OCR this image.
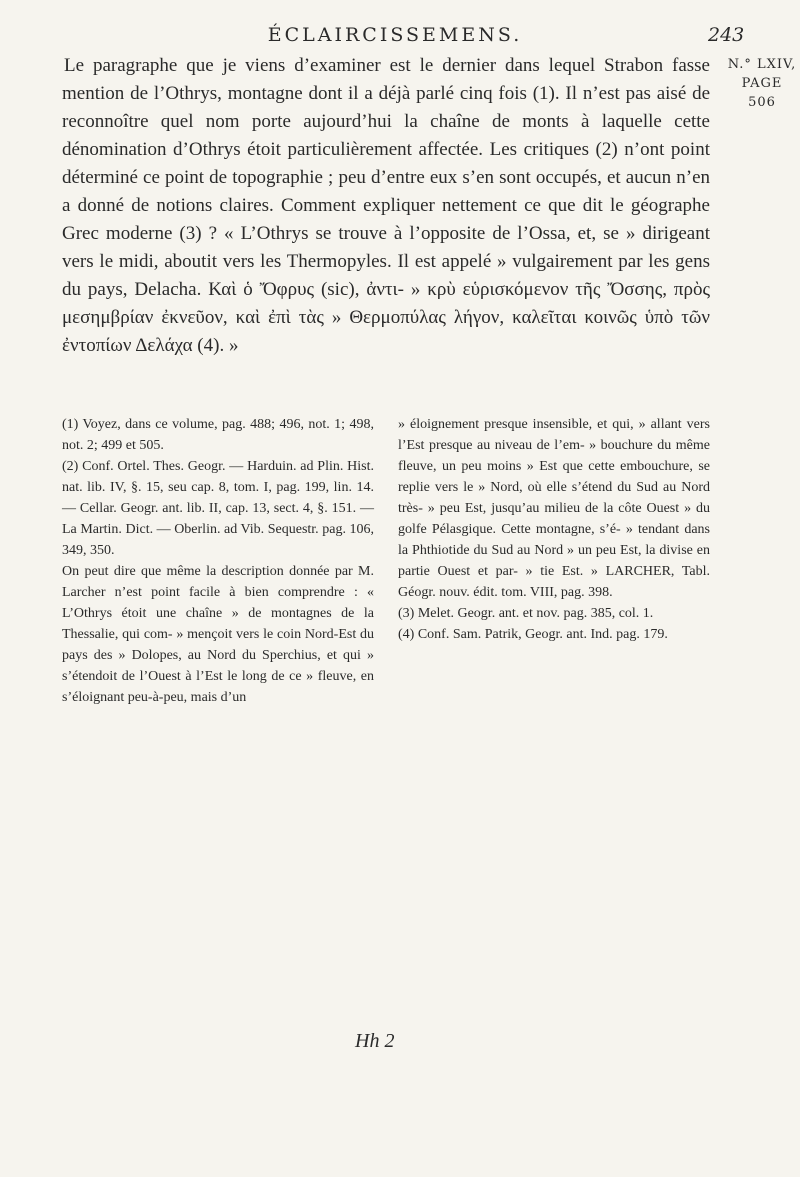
ÉCLAIRCISSEMENS.	243
N.° LXIV,
PAGE 506

Le paragraphe que je viens d’examiner est le dernier dans lequel Strabon fasse mention de l’Othrys, montagne dont il a déjà parlé cinq fois (1). Il n’est pas aisé de reconnoître quel nom porte aujourd’hui la chaîne de monts à laquelle cette dénomination d’Othrys étoit particulièrement affectée. Les critiques (2) n’ont point déterminé ce point de topographie ; peu d’entre eux s’en sont occupés, et aucun n’en a donné de notions claires. Comment expliquer nettement ce que dit le géographe Grec moderne (3) ? « L’Othrys se trouve à l’opposite de l’Ossa, et, se » dirigeant vers le midi, aboutit vers les Thermopyles. Il est appelé » vulgairement par les gens du pays, Delacha. Καὶ ὁ Ὄφρυς (sic), ἀντι- » κρὺ εὑρισκόμενον τῆς Ὄσσης, πρὸς μεσημβρίαν ἐκνεῦον, καὶ ἐπὶ τὰς » Θερμοπύλας λήγον, καλεῖται κοινῶς ὑπὸ τῶν ἐντοπίων Δελάχα (4). »

(1) Voyez, dans ce volume, pag. 488; 496, not. 1; 498, not. 2; 499 et 505.

(2) Conf. Ortel. Thes. Geogr. — Harduin. ad Plin. Hist. nat. lib. IV, §. 15, seu cap. 8, tom. I, pag. 199, lin. 14. — Cellar. Geogr. ant. lib. II, cap. 13, sect. 4, §. 151. — La Martin. Dict. — Oberlin. ad Vib. Sequestr. pag. 106, 349, 350.

On peut dire que même la description donnée par M. Larcher n’est point facile à bien comprendre : « L’Othrys étoit une chaîne » de montagnes de la Thessalie, qui com- » mençoit vers le coin Nord-Est du pays des » Dolopes, au Nord du Sperchius, et qui » s’étendoit de l’Ouest à l’Est le long de ce » fleuve, en s’éloignant peu-à-peu, mais d’un

» éloignement presque insensible, et qui, » allant vers l’Est presque au niveau de l’em- » bouchure du même fleuve, un peu moins » Est que cette embouchure, se replie vers le » Nord, où elle s’étend du Sud au Nord très- » peu Est, jusqu’au milieu de la côte Ouest » du golfe Pélasgique. Cette montagne, s’é- » tendant dans la Phthiotide du Sud au Nord » un peu Est, la divise en partie Ouest et par- » tie Est. » LARCHER, Tabl. Géogr. nouv. édit. tom. VIII, pag. 398.

(3) Melet. Geogr. ant. et nov. pag. 385, col. 1.

(4) Conf. Sam. Patrik, Geogr. ant. Ind. pag. 179.

Hh 2
